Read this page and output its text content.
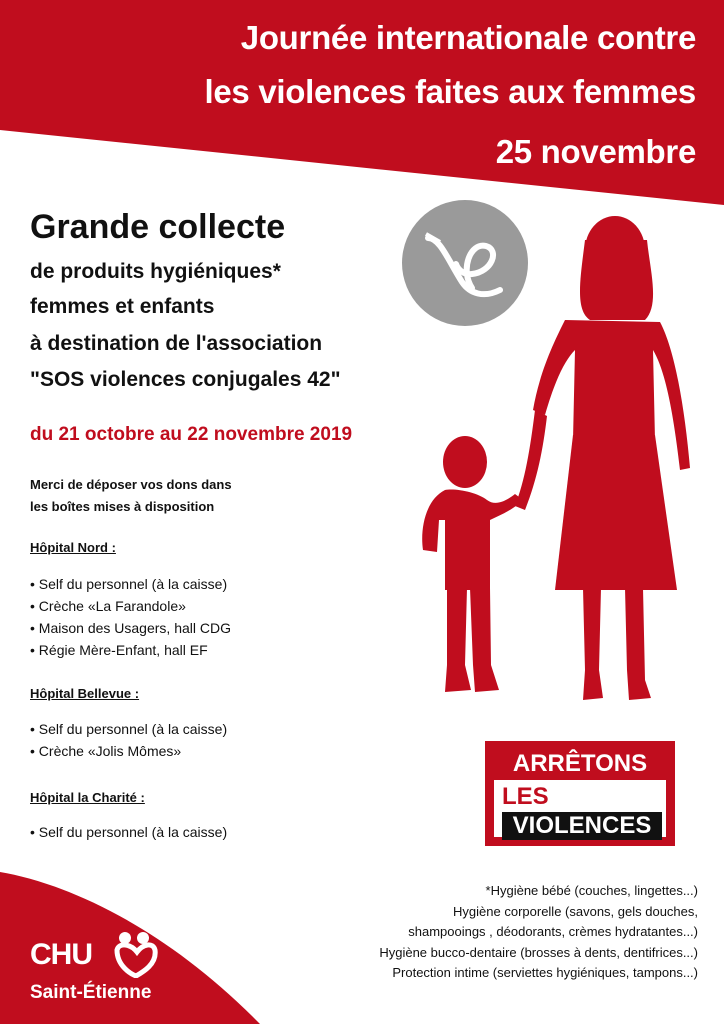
Journée internationale contre
les violences faites aux femmes
25 novembre
Grande collecte
de produits hygiéniques*
femmes et enfants
à destination de l'association
"SOS violences conjugales 42"
du 21 octobre au 22 novembre 2019
Merci de déposer vos dons dans
les boîtes mises à disposition
Hôpital Nord :
• Self du personnel (à la caisse)
• Crèche «La Farandole»
• Maison des Usagers, hall CDG
• Régie Mère-Enfant, hall EF
Hôpital Bellevue :
• Self du personnel (à la caisse)
• Crèche «Jolis Mômes»
Hôpital la Charité :
• Self du personnel (à la caisse)
ARRÊTONS
LES
VIOLENCES
*Hygiène bébé (couches, lingettes...)
Hygiène corporelle (savons, gels douches,
shampooings , déodorants, crèmes hydratantes...)
Hygiène bucco-dentaire (brosses à dents, dentifrices...)
Protection intime (serviettes hygiéniques, tampons...)
CHU
Saint-Étienne
